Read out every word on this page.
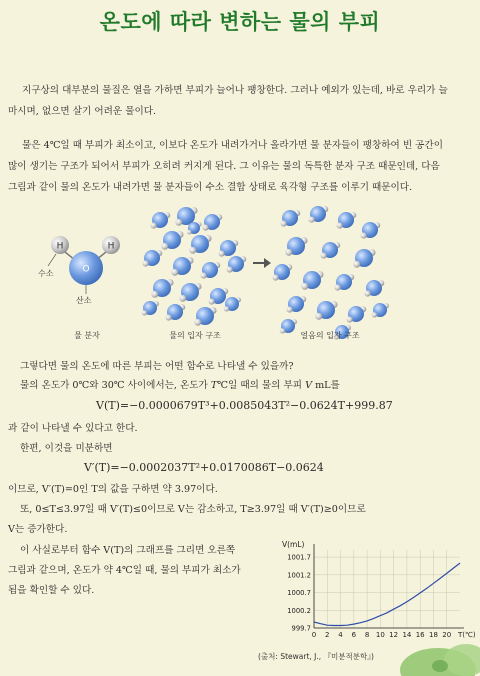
온도에 따라 변하는 물의 부피
지구상의 대부분의 물질은 열을 가하면 부피가 늘어나 팽창한다. 그러나 예외가 있는데, 바로 우리가 늘 마시며, 없으면 살기 어려운 물이다.
물은 4℃일 때 부피가 최소이고, 이보다 온도가 내려가거나 올라가면 물 분자들이 팽창하여 빈 공간이 많이 생기는 구조가 되어서 부피가 오히려 커지게 된다. 그 이유는 물의 독특한 분자 구조 때문인데, 다음 그림과 같이 물의 온도가 내려가면 물 분자들이 수소 결합 상태로 육각형 구조를 이루기 때문이다.
H	H
O
수소
산소
물 분자	물의 입자 구조	얼음의 입자 구조
그렇다면 물의 온도에 따른 부피는 어떤 함수로 나타낼 수 있을까?
물의 온도가 0℃와 30℃ 사이에서는, 온도가 T℃일 때의 물의 부피 V mL를
V(T)=−0.0000679T³+0.0085043T²−0.0624T+999.87
과 같이 나타낼 수 있다고 한다.
한편, 이것을 미분하면
V′(T)=−0.0002037T²+0.0170086T−0.0624
이므로, V′(T)=0인 T의 값을 구하면 약 3.97이다.
또, 0≤T≤3.97일 때 V′(T)≤0이므로 V는 감소하고, T≥3.97일 때 V′(T)≥0이므로
V는 증가한다.
이 사실로부터 함수 V(T)의 그래프를 그리면 오른쪽
그림과 같으며, 온도가 약 4℃일 때, 물의 부피가 최소가
됨을 확인할 수 있다.
0 2 4 6 8 10 12 14 16 18 20
999.7
1000.2
1000.7
1001.2
1001.7
V(mL)
T(℃)
(출처: Stewart, J., 『미분적분학』)
